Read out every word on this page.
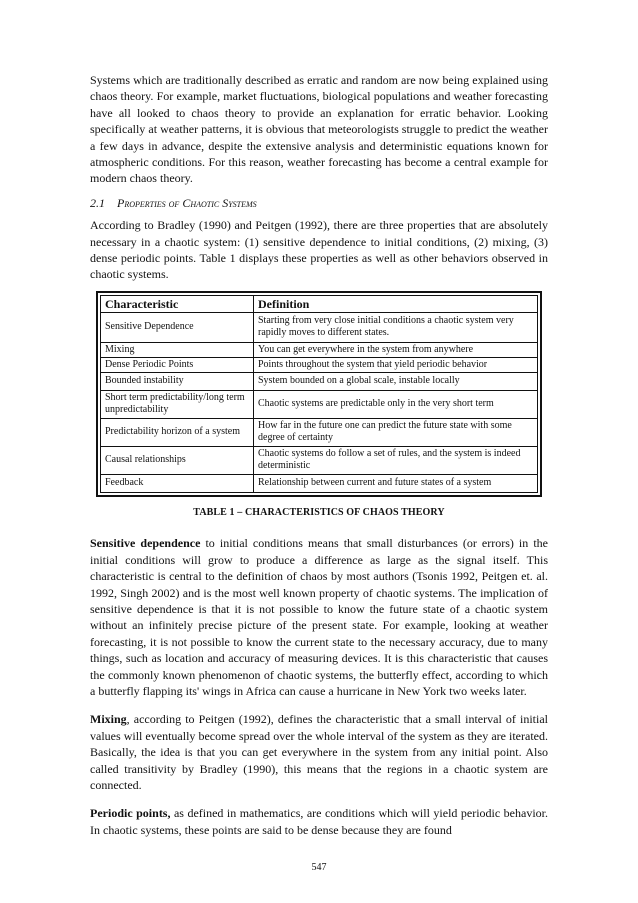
Systems which are traditionally described as erratic and random are now being explained using chaos theory. For example, market fluctuations, biological populations and weather forecasting have all looked to chaos theory to provide an explanation for erratic behavior. Looking specifically at weather patterns, it is obvious that meteorologists struggle to predict the weather a few days in advance, despite the extensive analysis and deterministic equations known for atmospheric conditions. For this reason, weather forecasting has become a central example for modern chaos theory.

2.1 Properties of Chaotic Systems

According to Bradley (1990) and Peitgen (1992), there are three properties that are absolutely necessary in a chaotic system: (1) sensitive dependence to initial conditions, (2) mixing, (3) dense periodic points. Table 1 displays these properties as well as other behaviors observed in chaotic systems.

Characteristic	Definition
Sensitive Dependence	Starting from very close initial conditions a chaotic system very rapidly moves to different states.
Mixing	You can get everywhere in the system from anywhere
Dense Periodic Points	Points throughout the system that yield periodic behavior
Bounded instability	System bounded on a global scale, instable locally
Short term predictability/long term unpredictability	Chaotic systems are predictable only in the very short term
Predictability horizon of a system	How far in the future one can predict the future state with some degree of certainty
Causal relationships	Chaotic systems do follow a set of rules, and the system is indeed deterministic
Feedback	Relationship between current and future states of a system
TABLE 1 – CHARACTERISTICS OF CHAOS THEORY

Sensitive dependence to initial conditions means that small disturbances (or errors) in the initial conditions will grow to produce a difference as large as the signal itself. This characteristic is central to the definition of chaos by most authors (Tsonis 1992, Peitgen et. al. 1992, Singh 2002) and is the most well known property of chaotic systems. The implication of sensitive dependence is that it is not possible to know the future state of a chaotic system without an infinitely precise picture of the present state. For example, looking at weather forecasting, it is not possible to know the current state to the necessary accuracy, due to many things, such as location and accuracy of measuring devices. It is this characteristic that causes the commonly known phenomenon of chaotic systems, the butterfly effect, according to which a butterfly flapping its' wings in Africa can cause a hurricane in New York two weeks later.

Mixing, according to Peitgen (1992), defines the characteristic that a small interval of initial values will eventually become spread over the whole interval of the system as they are iterated. Basically, the idea is that you can get everywhere in the system from any initial point. Also called transitivity by Bradley (1990), this means that the regions in a chaotic system are connected.

Periodic points, as defined in mathematics, are conditions which will yield periodic behavior. In chaotic systems, these points are said to be dense because they are found

547
